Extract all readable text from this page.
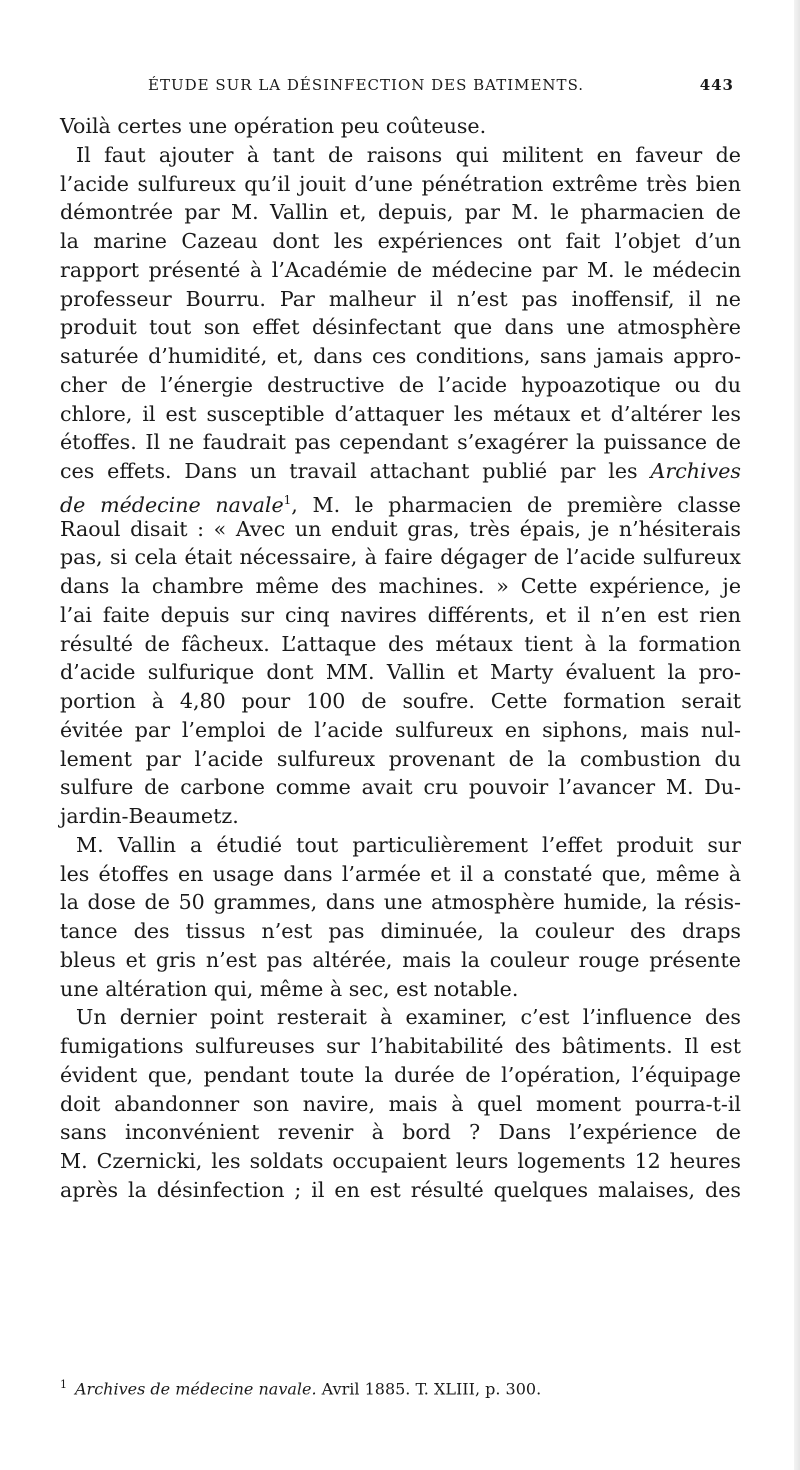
ÉTUDE SUR LA DÉSINFECTION DES BATIMENTS.	443
Voilà certes une opération peu coûteuse.
Il faut ajouter à tant de raisons qui militent en faveur de
l’acide sulfureux qu’il jouit d’une pénétration extrême très bien
démontrée par M. Vallin et, depuis, par M. le pharmacien de
la marine Cazeau dont les expériences ont fait l’objet d’un
rapport présenté à l’Académie de médecine par M. le médecin
professeur Bourru. Par malheur il n’est pas inoffensif, il ne
produit tout son effet désinfectant que dans une atmosphère
saturée d’humidité, et, dans ces conditions, sans jamais appro-
cher de l’énergie destructive de l’acide hypoazotique ou du
chlore, il est susceptible d’attaquer les métaux et d’altérer les
étoffes. Il ne faudrait pas cependant s’exagérer la puissance de
ces effets. Dans un travail attachant publié par les Archives
de médecine navale$^1$, M. le pharmacien de première classe
Raoul disait : « Avec un enduit gras, très épais, je n’hésiterais
pas, si cela était nécessaire, à faire dégager de l’acide sulfureux
dans la chambre même des machines. » Cette expérience, je
l’ai faite depuis sur cinq navires différents, et il n’en est rien
résulté de fâcheux. L’attaque des métaux tient à la formation
d’acide sulfurique dont MM. Vallin et Marty évaluent la pro-
portion à 4,80 pour 100 de soufre. Cette formation serait
évitée par l’emploi de l’acide sulfureux en siphons, mais nul-
lement par l’acide sulfureux provenant de la combustion du
sulfure de carbone comme avait cru pouvoir l’avancer M. Du-
jardin-Beaumetz.
M. Vallin a étudié tout particulièrement l’effet produit sur
les étoffes en usage dans l’armée et il a constaté que, même à
la dose de 50 grammes, dans une atmosphère humide, la résis-
tance des tissus n’est pas diminuée, la couleur des draps
bleus et gris n’est pas altérée, mais la couleur rouge présente
une altération qui, même à sec, est notable.
Un dernier point resterait à examiner, c’est l’influence des
fumigations sulfureuses sur l’habitabilité des bâtiments. Il est
évident que, pendant toute la durée de l’opération, l’équipage
doit abandonner son navire, mais à quel moment pourra-t-il
sans inconvénient revenir à bord ? Dans l’expérience de
M. Czernicki, les soldats occupaient leurs logements 12 heures
après la désinfection ; il en est résulté quelques malaises, des
$^1$ Archives de médecine navale. Avril 1885. T. XLIII, p. 300.
